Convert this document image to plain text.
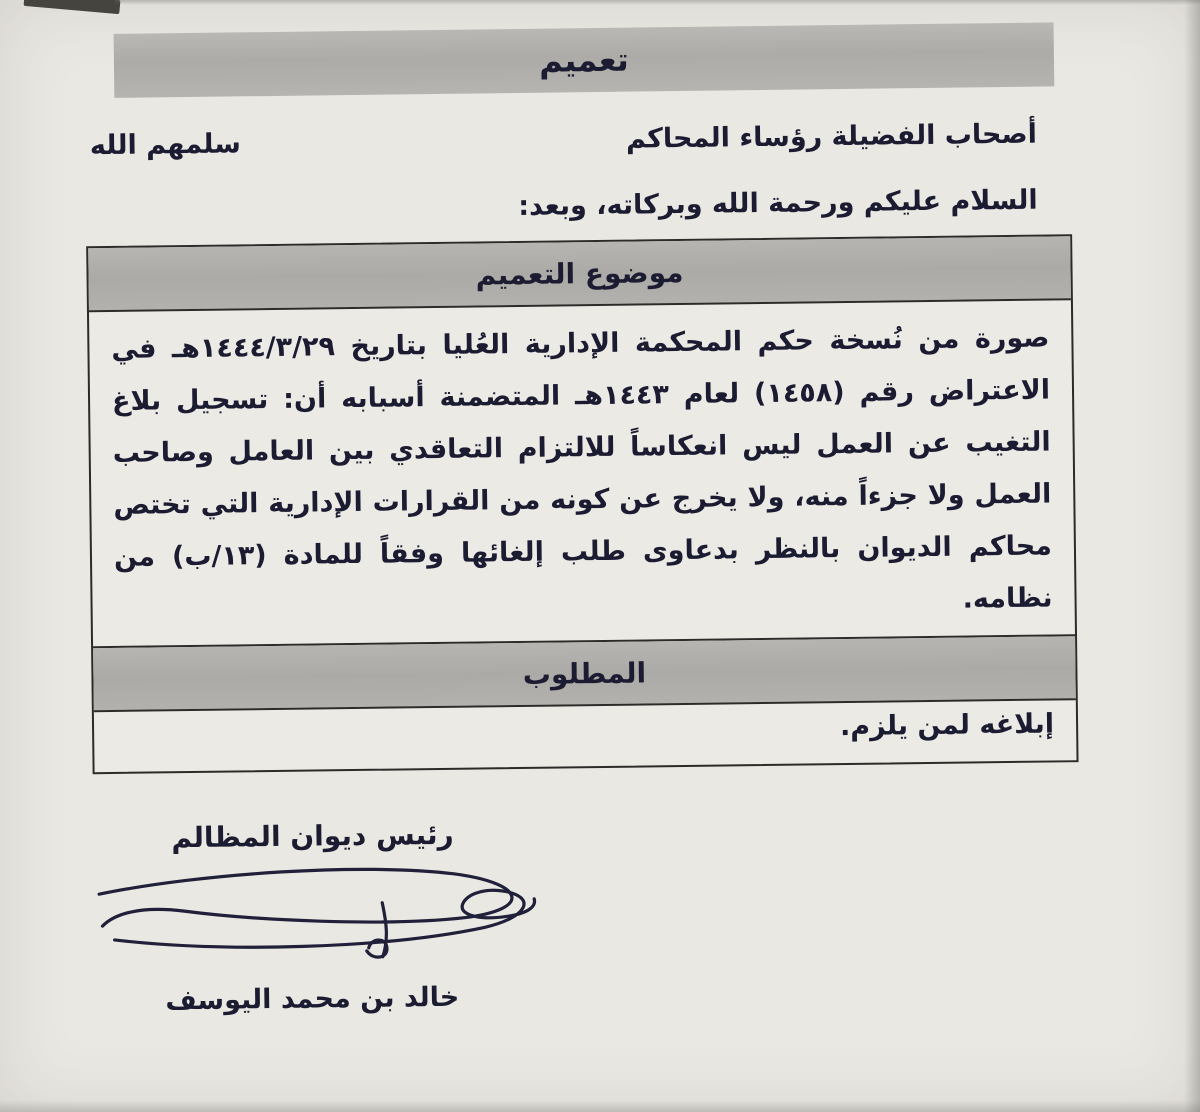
تعميم
أصحاب الفضيلة رؤساء المحاكم
سلمهم الله
السلام عليكم ورحمة الله وبركاته، وبعد:
موضوع التعميم
صورة من نُسخة حكم المحكمة الإدارية العُليا بتاريخ ١٤٤٤/٣/٢٩هـ في الاعتراض رقم (١٤٥٨) لعام ١٤٤٣هـ المتضمنة أسبابه أن: تسجيل بلاغ التغيب عن العمل ليس انعكاساً للالتزام التعاقدي بين العامل وصاحب العمل ولا جزءاً منه، ولا يخرج عن كونه من القرارات الإدارية التي تختص محاكم الديوان بالنظر بدعاوى طلب إلغائها وفقاً للمادة (١٣/ب) من نظامه.
المطلوب
إبلاغه لمن يلزم.
رئيس ديوان المظالم
خالد بن محمد اليوسف
